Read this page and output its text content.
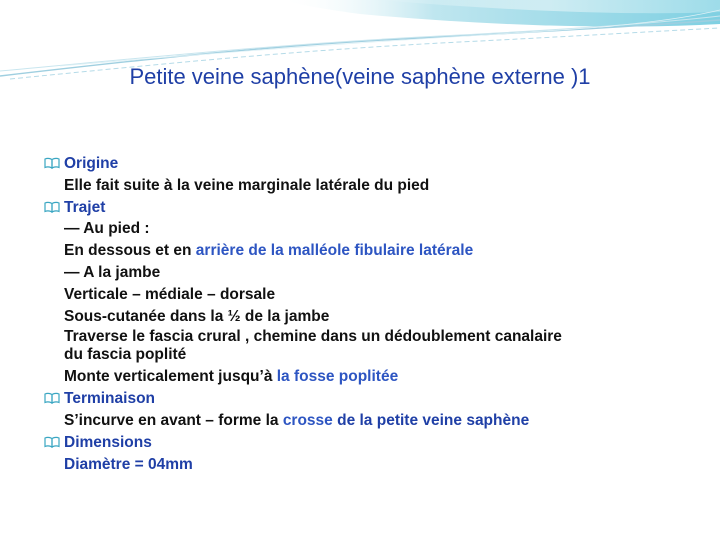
Petite veine saphène(veine saphène externe )1
Origine
Elle fait suite à la veine marginale latérale du pied
Trajet
— Au pied :
En dessous et en arrière de la malléole fibulaire latérale
— A la jambe
Verticale – médiale – dorsale
Sous-cutanée dans la ½ de la jambe
Traverse le fascia crural , chemine dans un dédoublement canalaire
du fascia poplité
Monte verticalement jusqu’à la fosse poplitée
Terminaison
S’incurve en avant – forme la crosse de la petite veine saphène
Dimensions
Diamètre = 04mm
